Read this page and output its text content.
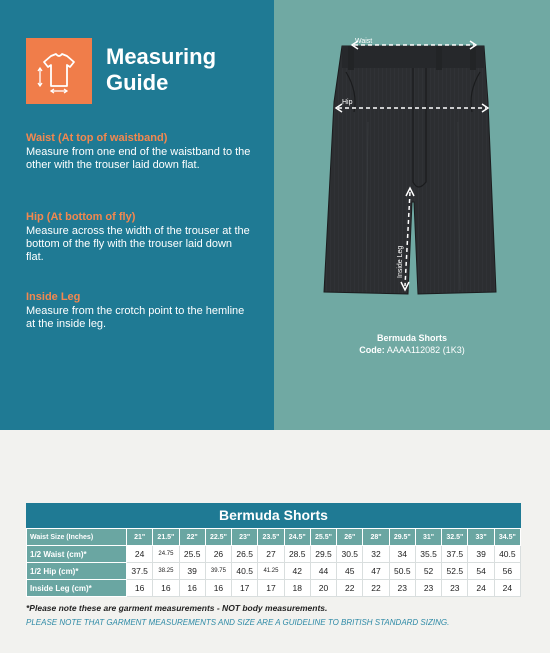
Measuring
Guide
Waist (At top of waistband)
Measure from one end of the waistband to the other with the trouser laid down flat.
Hip (At bottom of fly)
Measure across the width of the trouser at the bottom of the fly with the trouser laid down flat.
Inside Leg
Measure from the crotch point to the hemline at the inside leg.
Waist
Hip
Inside Leg
Bermuda Shorts
Code: AAAA112082 (1K3)
Bermuda Shorts
Waist Size (Inches)	21"	21.5"	22"	22.5"	23"	23.5"	24.5"	25.5"	26"	28"	29.5"	31"	32.5"	33"	34.5"
1/2 Waist (cm)*	24	24.75	25.5	26	26.5	27	28.5	29.5	30.5	32	34	35.5	37.5	39	40.5
1/2 Hip (cm)*	37.5	38.25	39	39.75	40.5	41.25	42	44	45	47	50.5	52	52.5	54	56
Inside Leg (cm)*	16	16	16	16	17	17	18	20	22	22	23	23	23	24	24
*Please note these are garment measurements - NOT body measurements.
PLEASE NOTE THAT GARMENT MEASUREMENTS AND SIZE ARE A GUIDELINE TO BRITISH STANDARD SIZING.
